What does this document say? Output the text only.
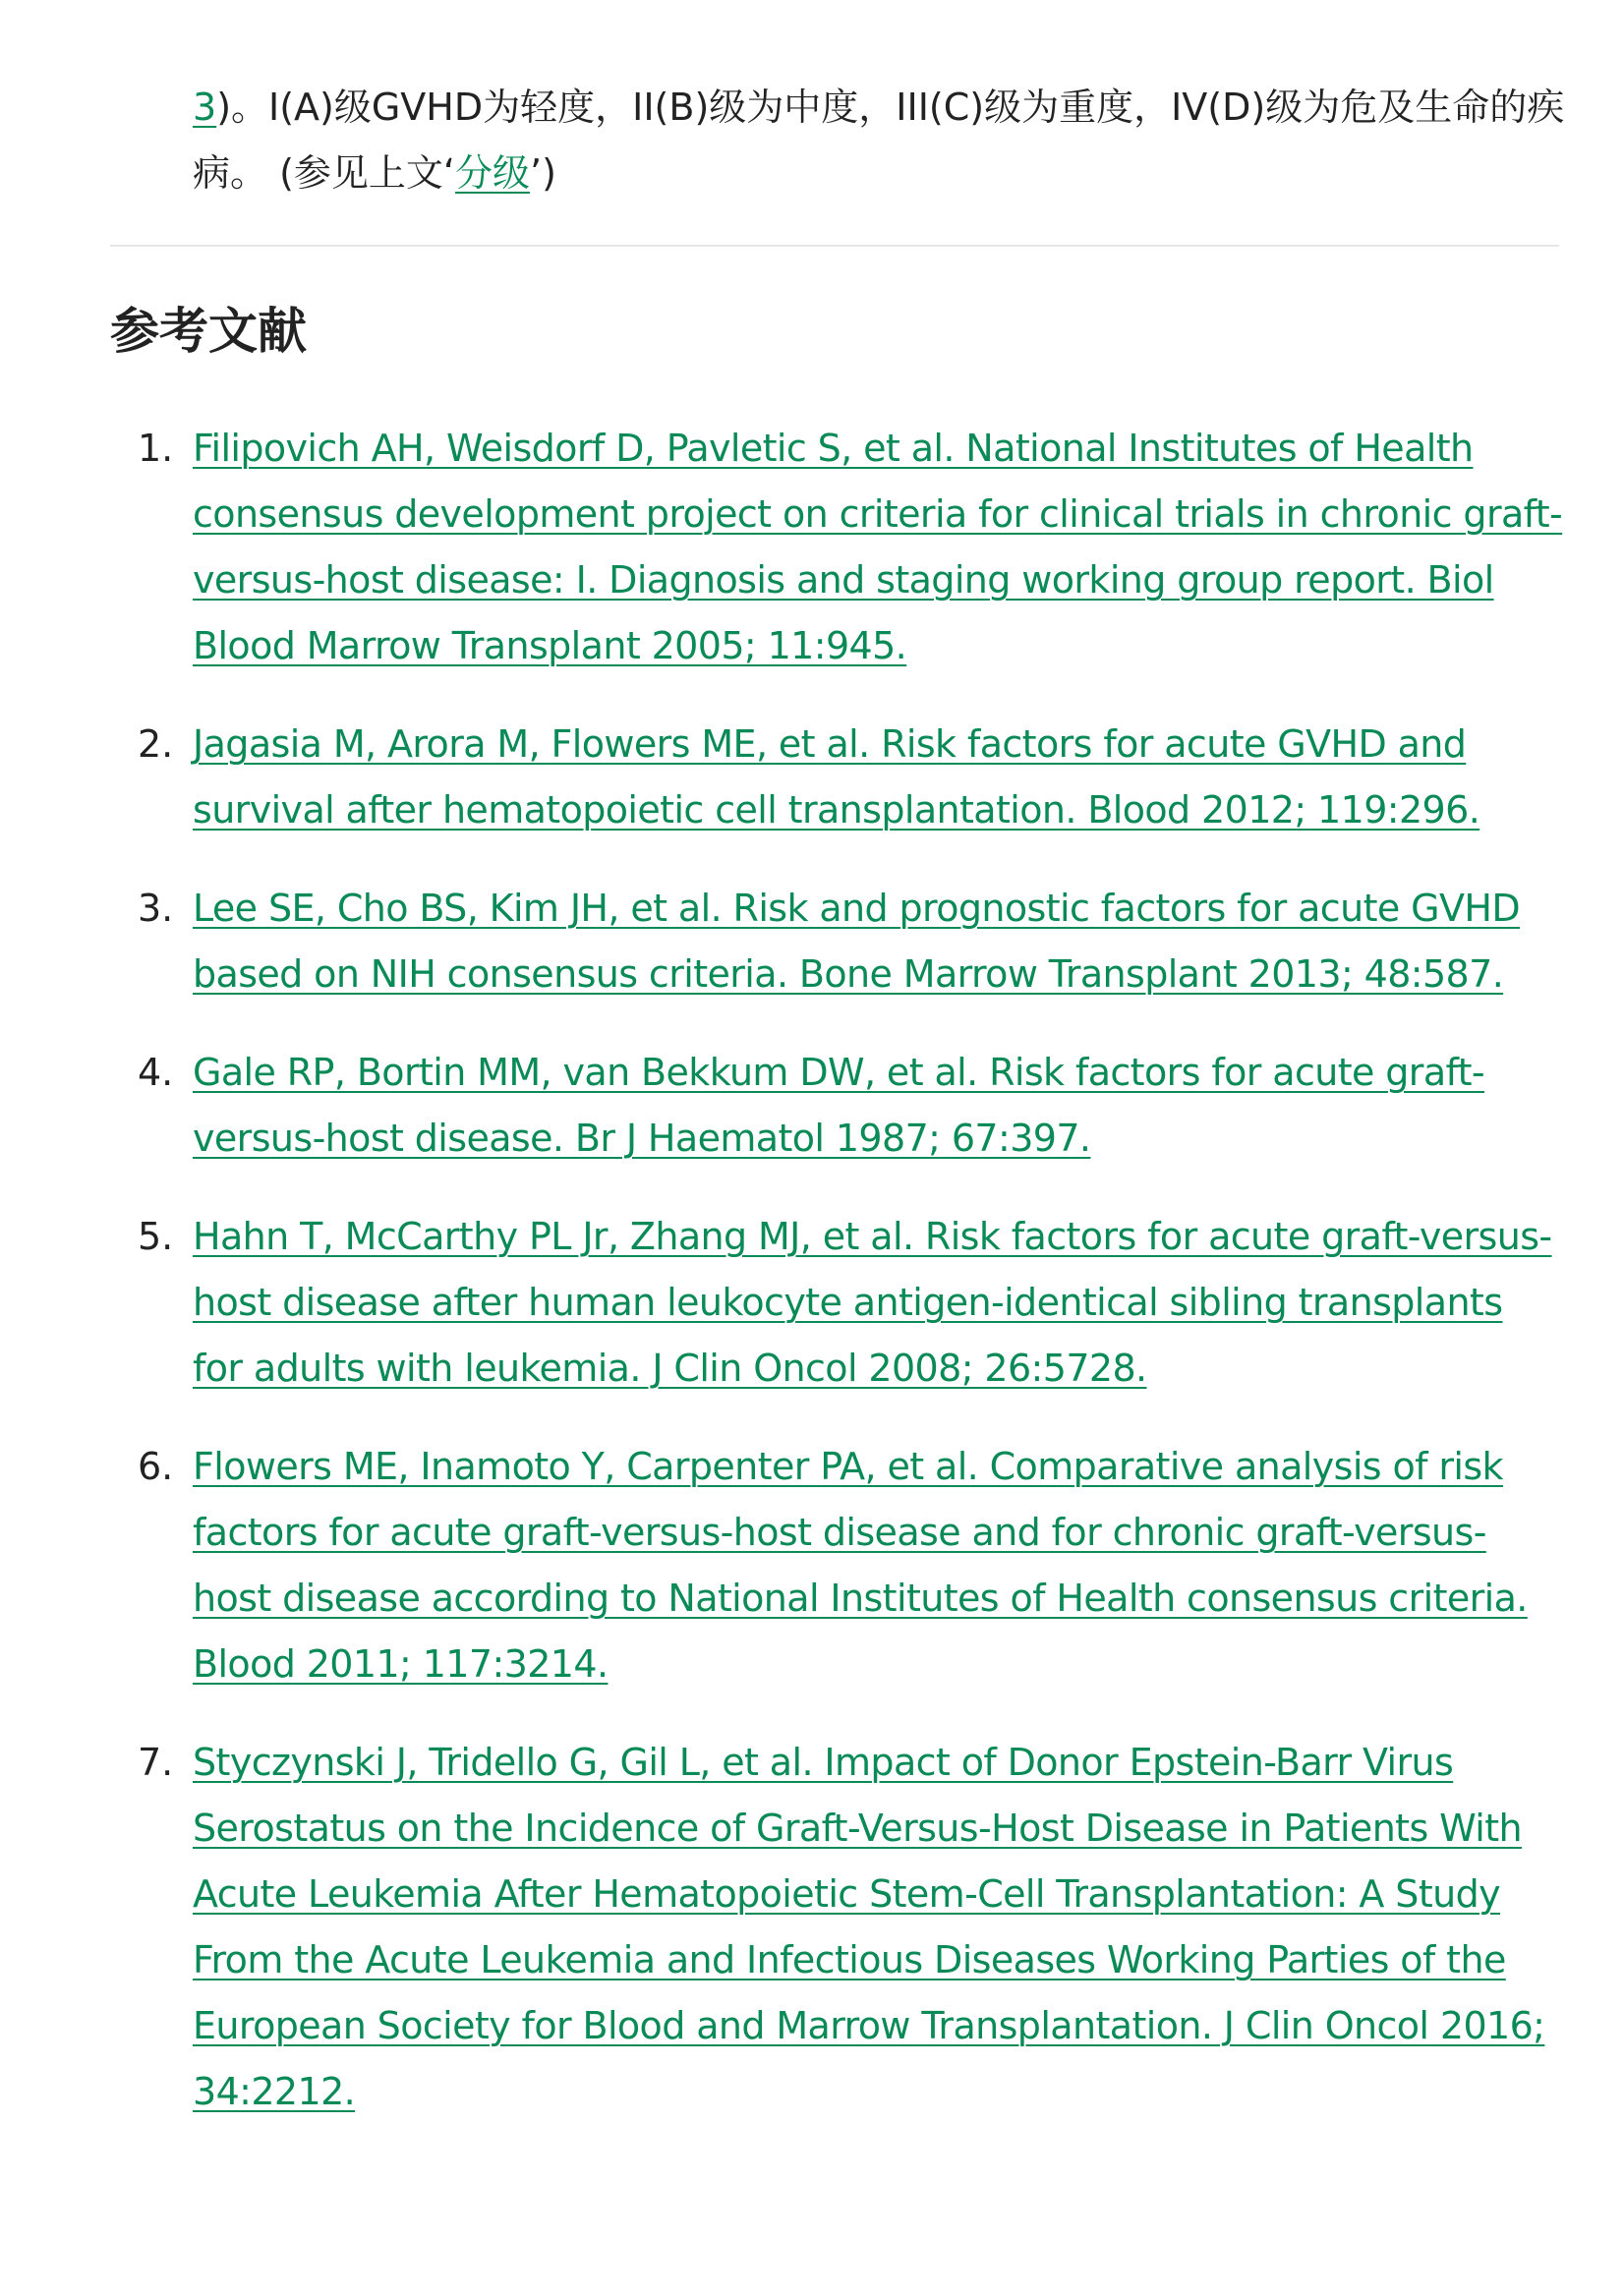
3)。I(A)级GVHD为轻度，II(B)级为中度，III(C)级为重度，IV(D)级为危及生命的疾病。 (参见上文‘分级’)

参考文献
1. Filipovich AH, Weisdorf D, Pavletic S, et al. National Institutes of Health consensus development project on criteria for clinical trials in chronic graft-versus-host disease: I. Diagnosis and staging working group report. Biol Blood Marrow Transplant 2005; 11:945.
2. Jagasia M, Arora M, Flowers ME, et al. Risk factors for acute GVHD and survival after hematopoietic cell transplantation. Blood 2012; 119:296.
3. Lee SE, Cho BS, Kim JH, et al. Risk and prognostic factors for acute GVHD based on NIH consensus criteria. Bone Marrow Transplant 2013; 48:587.
4. Gale RP, Bortin MM, van Bekkum DW, et al. Risk factors for acute graft-versus-host disease. Br J Haematol 1987; 67:397.
5. Hahn T, McCarthy PL Jr, Zhang MJ, et al. Risk factors for acute graft-versus-host disease after human leukocyte antigen-identical sibling transplants for adults with leukemia. J Clin Oncol 2008; 26:5728.
6. Flowers ME, Inamoto Y, Carpenter PA, et al. Comparative analysis of risk factors for acute graft-versus-host disease and for chronic graft-versus-host disease according to National Institutes of Health consensus criteria. Blood 2011; 117:3214.
7. Styczynski J, Tridello G, Gil L, et al. Impact of Donor Epstein-Barr Virus Serostatus on the Incidence of Graft-Versus-Host Disease in Patients With Acute Leukemia After Hematopoietic Stem-Cell Transplantation: A Study From the Acute Leukemia and Infectious Diseases Working Parties of the European Society for Blood and Marrow Transplantation. J Clin Oncol 2016; 34:2212.
